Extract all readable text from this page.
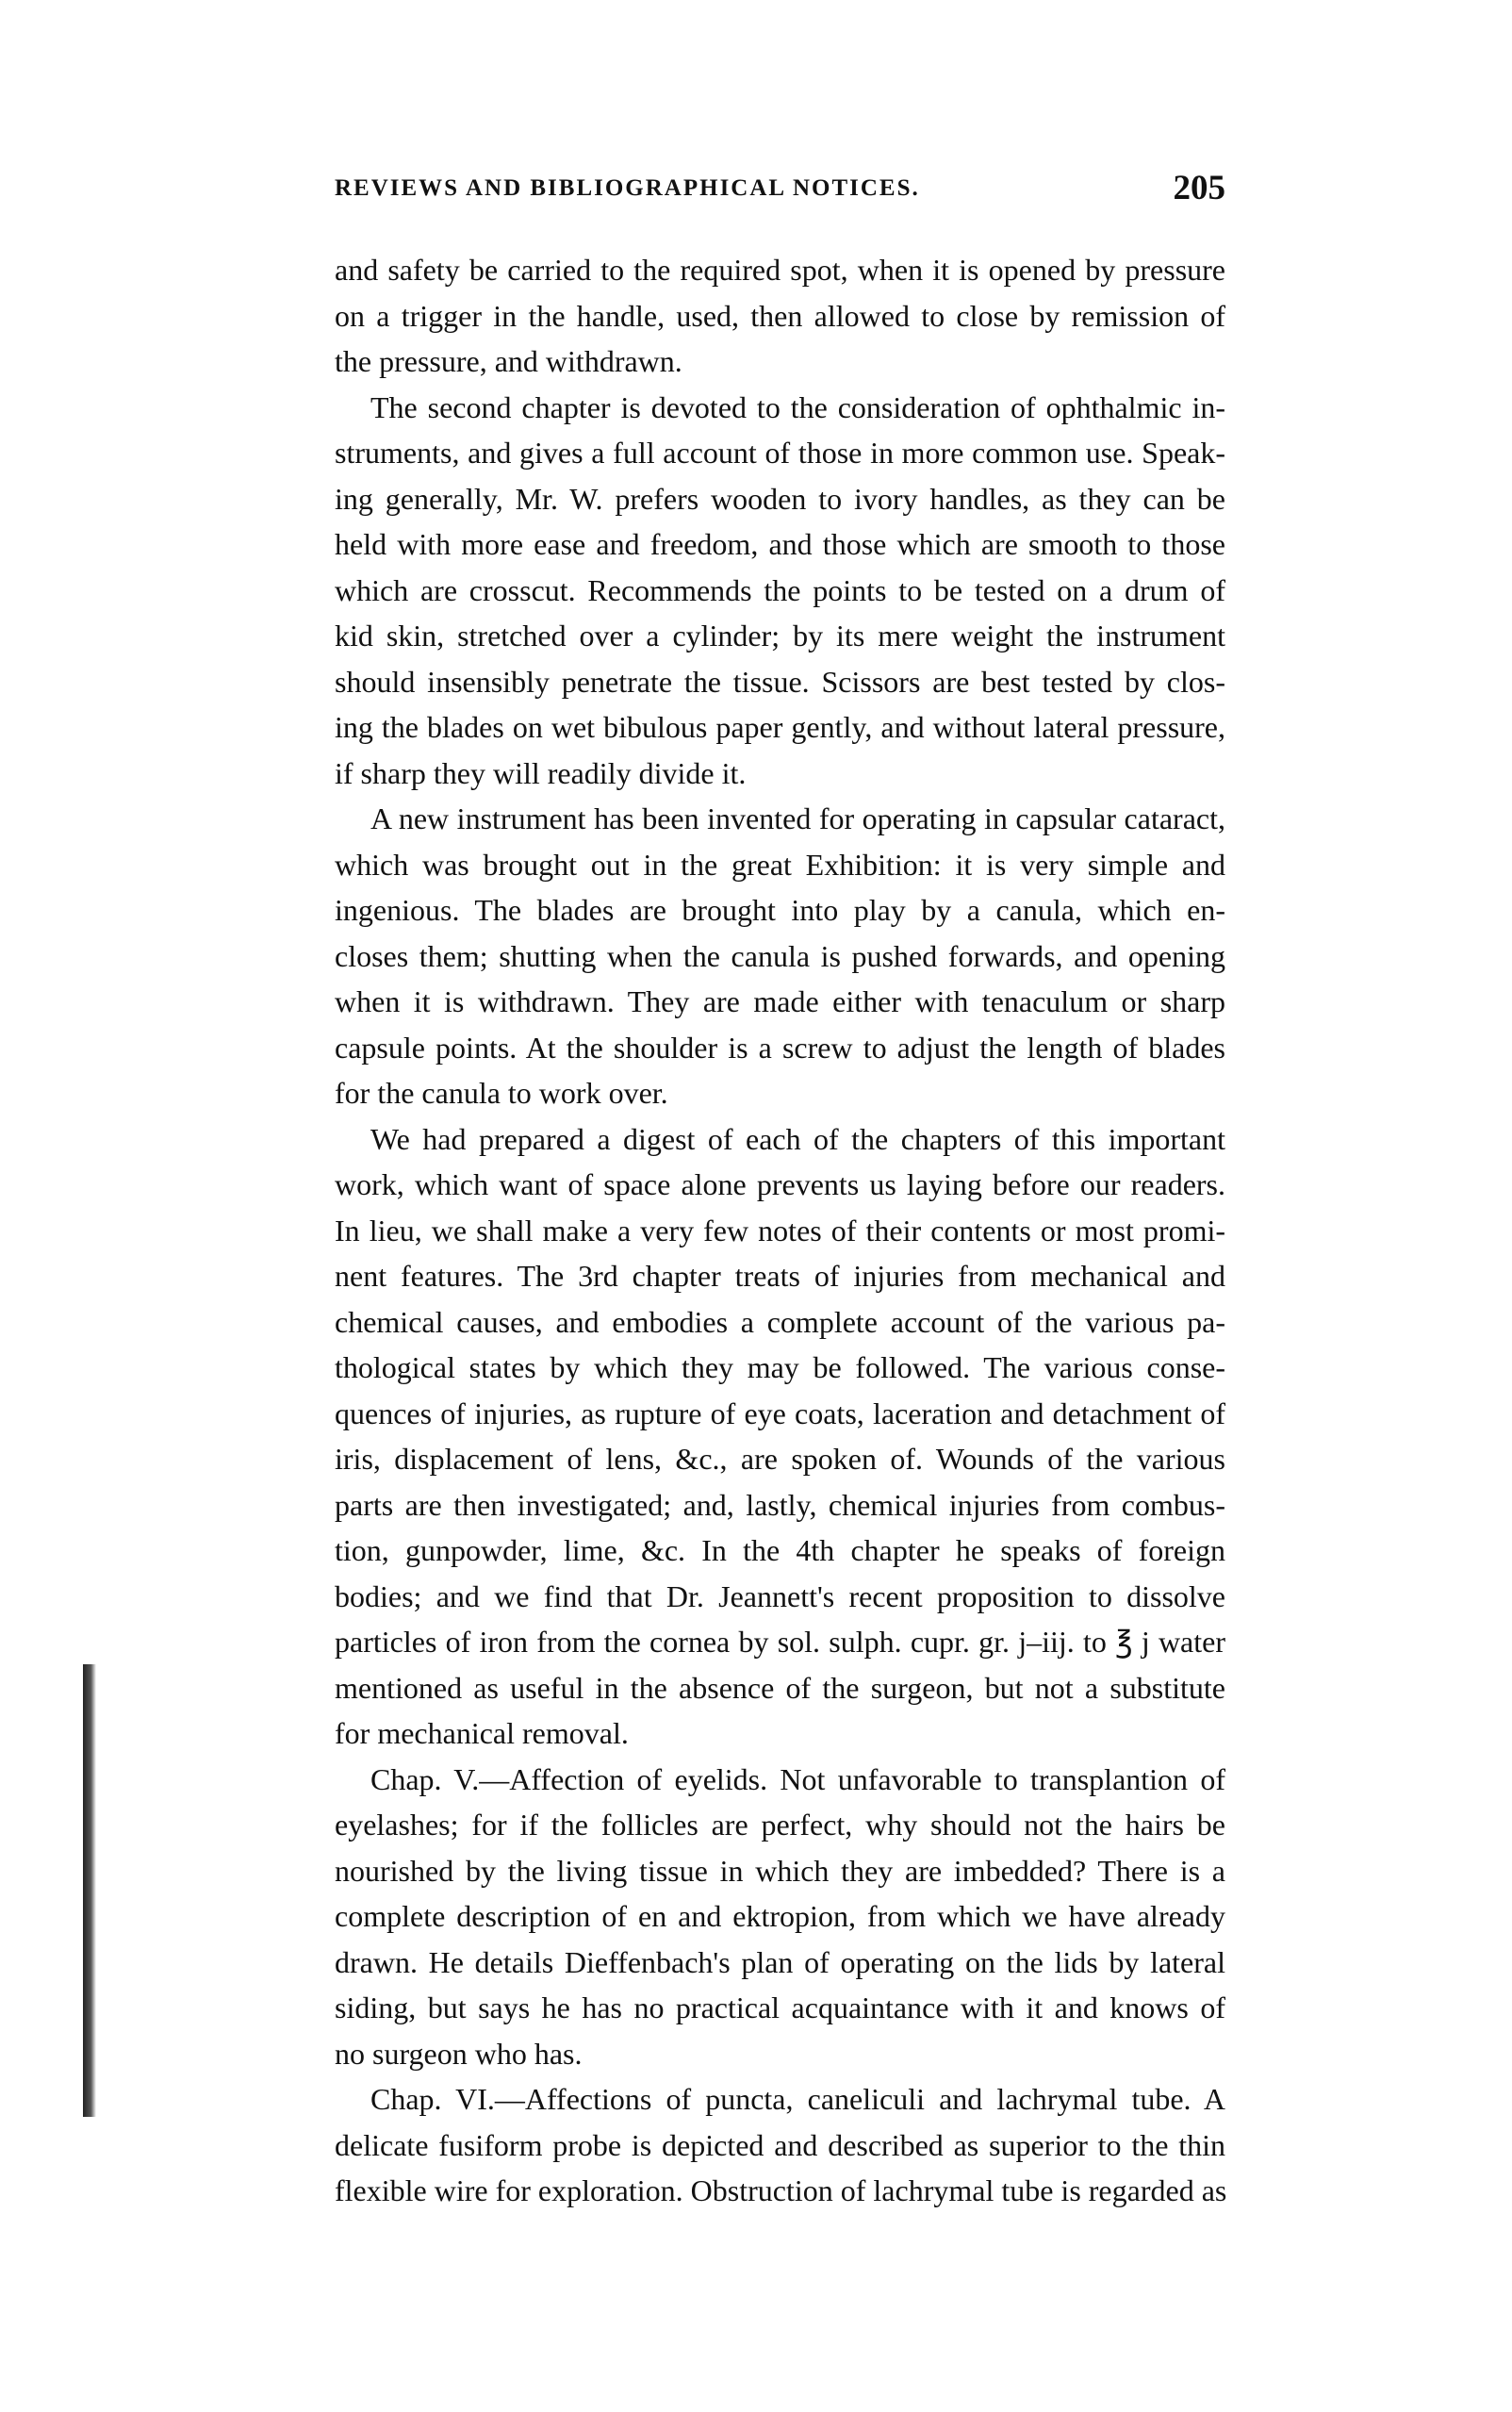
REVIEWS AND BIBLIOGRAPHICAL NOTICES.	205
and safety be carried to the required spot, when it is opened by pressure
on a trigger in the handle, used, then allowed to close by remission of
the pressure, and withdrawn.
The second chapter is devoted to the consideration of ophthalmic in-
struments, and gives a full account of those in more common use. Speak-
ing generally, Mr. W. prefers wooden to ivory handles, as they can be
held with more ease and freedom, and those which are smooth to those
which are crosscut. Recommends the points to be tested on a drum of
kid skin, stretched over a cylinder; by its mere weight the instrument
should insensibly penetrate the tissue. Scissors are best tested by clos-
ing the blades on wet bibulous paper gently, and without lateral pressure,
if sharp they will readily divide it.
A new instrument has been invented for operating in capsular cataract,
which was brought out in the great Exhibition: it is very simple and
ingenious. The blades are brought into play by a canula, which en-
closes them; shutting when the canula is pushed forwards, and opening
when it is withdrawn. They are made either with tenaculum or sharp
capsule points. At the shoulder is a screw to adjust the length of blades
for the canula to work over.
We had prepared a digest of each of the chapters of this important
work, which want of space alone prevents us laying before our readers.
In lieu, we shall make a very few notes of their contents or most promi-
nent features. The 3rd chapter treats of injuries from mechanical and
chemical causes, and embodies a complete account of the various pa-
thological states by which they may be followed. The various conse-
quences of injuries, as rupture of eye coats, laceration and detachment of
iris, displacement of lens, &c., are spoken of. Wounds of the various
parts are then investigated; and, lastly, chemical injuries from combus-
tion, gunpowder, lime, &c. In the 4th chapter he speaks of foreign
bodies; and we find that Dr. Jeannett's recent proposition to dissolve
particles of iron from the cornea by sol. sulph. cupr. gr. j–iij. to ℥ j water
mentioned as useful in the absence of the surgeon, but not a substitute
for mechanical removal.
Chap. V.—Affection of eyelids. Not unfavorable to transplantion of
eyelashes; for if the follicles are perfect, why should not the hairs be
nourished by the living tissue in which they are imbedded? There is a
complete description of en and ektropion, from which we have already
drawn. He details Dieffenbach's plan of operating on the lids by lateral
siding, but says he has no practical acquaintance with it and knows of
no surgeon who has.
Chap. VI.—Affections of puncta, caneliculi and lachrymal tube. A
delicate fusiform probe is depicted and described as superior to the thin
flexible wire for exploration. Obstruction of lachrymal tube is regarded as
